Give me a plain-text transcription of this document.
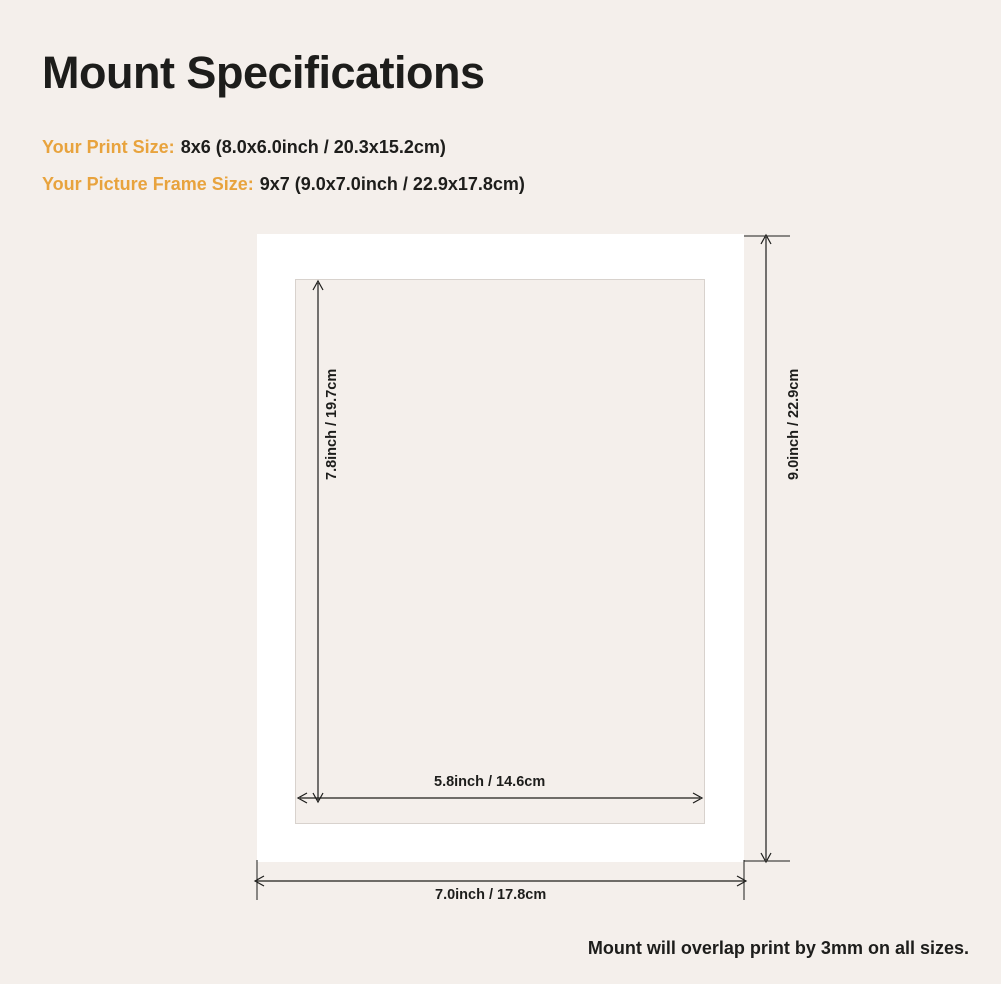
Mount Specifications
Your Print Size: 8x6 (8.0x6.0inch / 20.3x15.2cm)
Your Picture Frame Size: 9x7 (9.0x7.0inch / 22.9x17.8cm)
7.8inch / 19.7cm	9.0inch / 22.9cm
5.8inch / 14.6cm
7.0inch / 17.8cm
Mount will overlap print by 3mm on all sizes.
